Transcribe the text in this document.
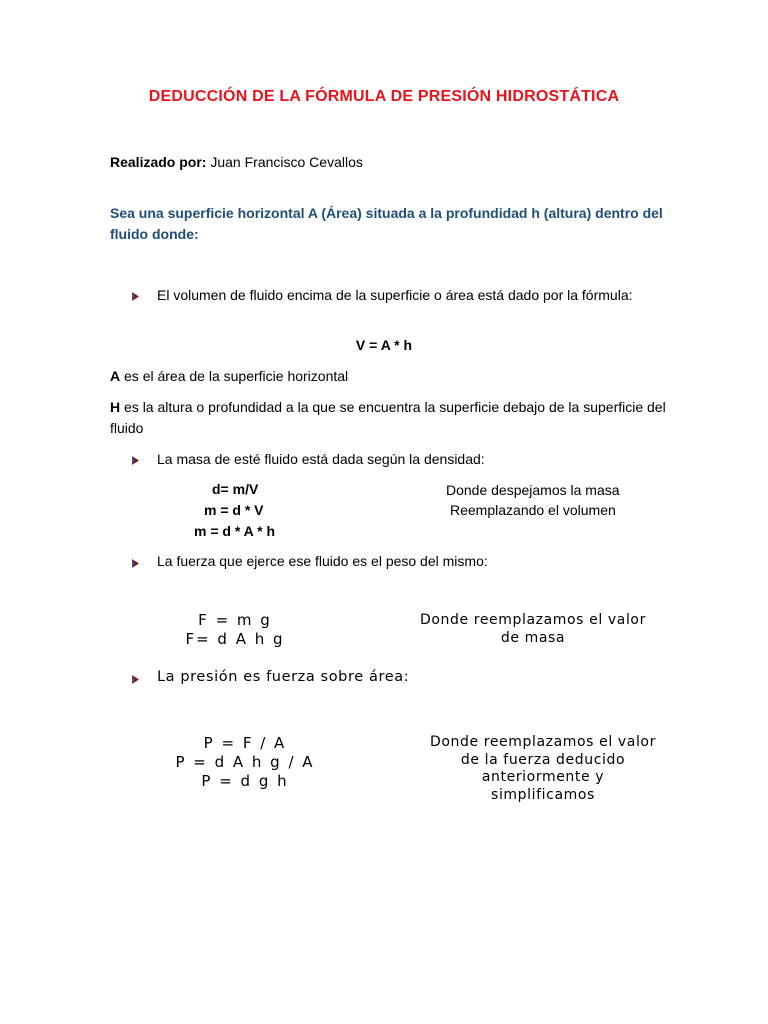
DEDUCCIÓN DE LA FÓRMULA DE PRESIÓN HIDROSTÁTICA
Realizado por: Juan Francisco Cevallos
Sea una superficie horizontal A (Área) situada a la profundidad h (altura) dentro del fluido donde:
El volumen de fluido encima de la superficie o área está dado por la fórmula:
V = A * h
A es el área de la superficie horizontal
H es la altura o profundidad a la que se encuentra la superficie debajo de la superficie del fluido
La masa de esté fluido está dada según la densidad:
d= m/V
m = d * V
m = d * A * h
Donde despejamos la masa
Reemplazando el volumen
La fuerza que ejerce ese fluido es el peso del mismo:
F = m g
F= d A h g
Donde reemplazamos el valor de masa
La presión es fuerza sobre área:
P = F / A
P = d A h g / A
P = d g h
Donde reemplazamos el valor de la fuerza deducido anteriormente y simplificamos
